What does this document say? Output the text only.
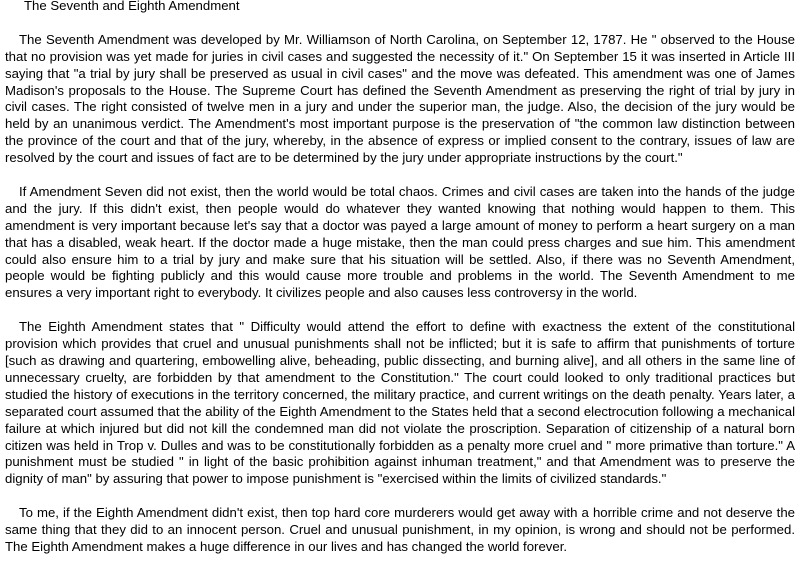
The Seventh and Eighth Amendment

The Seventh Amendment was developed by Mr. Williamson of North Carolina, on September 12, 1787. He " observed to the House that no provision was yet made for juries in civil cases and suggested the necessity of it." On September 15 it was inserted in Article III saying that "a trial by jury shall be preserved as usual in civil cases" and the move was defeated. This amendment was one of James Madison's proposals to the House. The Supreme Court has defined the Seventh Amendment as preserving the right of trial by jury in civil cases. The right consisted of twelve men in a jury and under the superior man, the judge. Also, the decision of the jury would be held by an unanimous verdict. The Amendment's most important purpose is the preservation of "the common law distinction between the province of the court and that of the jury, whereby, in the absence of express or implied consent to the contrary, issues of law are resolved by the court and issues of fact are to be determined by the jury under appropriate instructions by the court."

If Amendment Seven did not exist, then the world would be total chaos. Crimes and civil cases are taken into the hands of the judge and the jury. If this didn't exist, then people would do whatever they wanted knowing that nothing would happen to them. This amendment is very important because let's say that a doctor was payed a large amount of money to perform a heart surgery on a man that has a disabled, weak heart. If the doctor made a huge mistake, then the man could press charges and sue him. This amendment could also ensure him to a trial by jury and make sure that his situation will be settled. Also, if there was no Seventh Amendment, people would be fighting publicly and this would cause more trouble and problems in the world. The Seventh Amendment to me ensures a very important right to everybody. It civilizes people and also causes less controversy in the world.

The Eighth Amendment states that " Difficulty would attend the effort to define with exactness the extent of the constitutional provision which provides that cruel and unusual punishments shall not be inflicted; but it is safe to affirm that punishments of torture [such as drawing and quartering, embowelling alive, beheading, public dissecting, and burning alive], and all others in the same line of unnecessary cruelty, are forbidden by that amendment to the Constitution." The court could looked to only traditional practices but studied the history of executions in the territory concerned, the military practice, and current writings on the death penalty. Years later, a separated court assumed that the ability of the Eighth Amendment to the States held that a second electrocution following a mechanical failure at which injured but did not kill the condemned man did not violate the proscription. Separation of citizenship of a natural born citizen was held in Trop v. Dulles and was to be constitutionally forbidden as a penalty more cruel and " more primative than torture." A punishment must be studied " in light of the basic prohibition against inhuman treatment," and that Amendment was to preserve the dignity of man" by assuring that power to impose punishment is "exercised within the limits of civilized standards."

To me, if the Eighth Amendment didn't exist, then top hard core murderers would get away with a horrible crime and not deserve the same thing that they did to an innocent person. Cruel and unusual punishment, in my opinion, is wrong and should not be performed. The Eighth Amendment makes a huge difference in our lives and has changed the world forever.
